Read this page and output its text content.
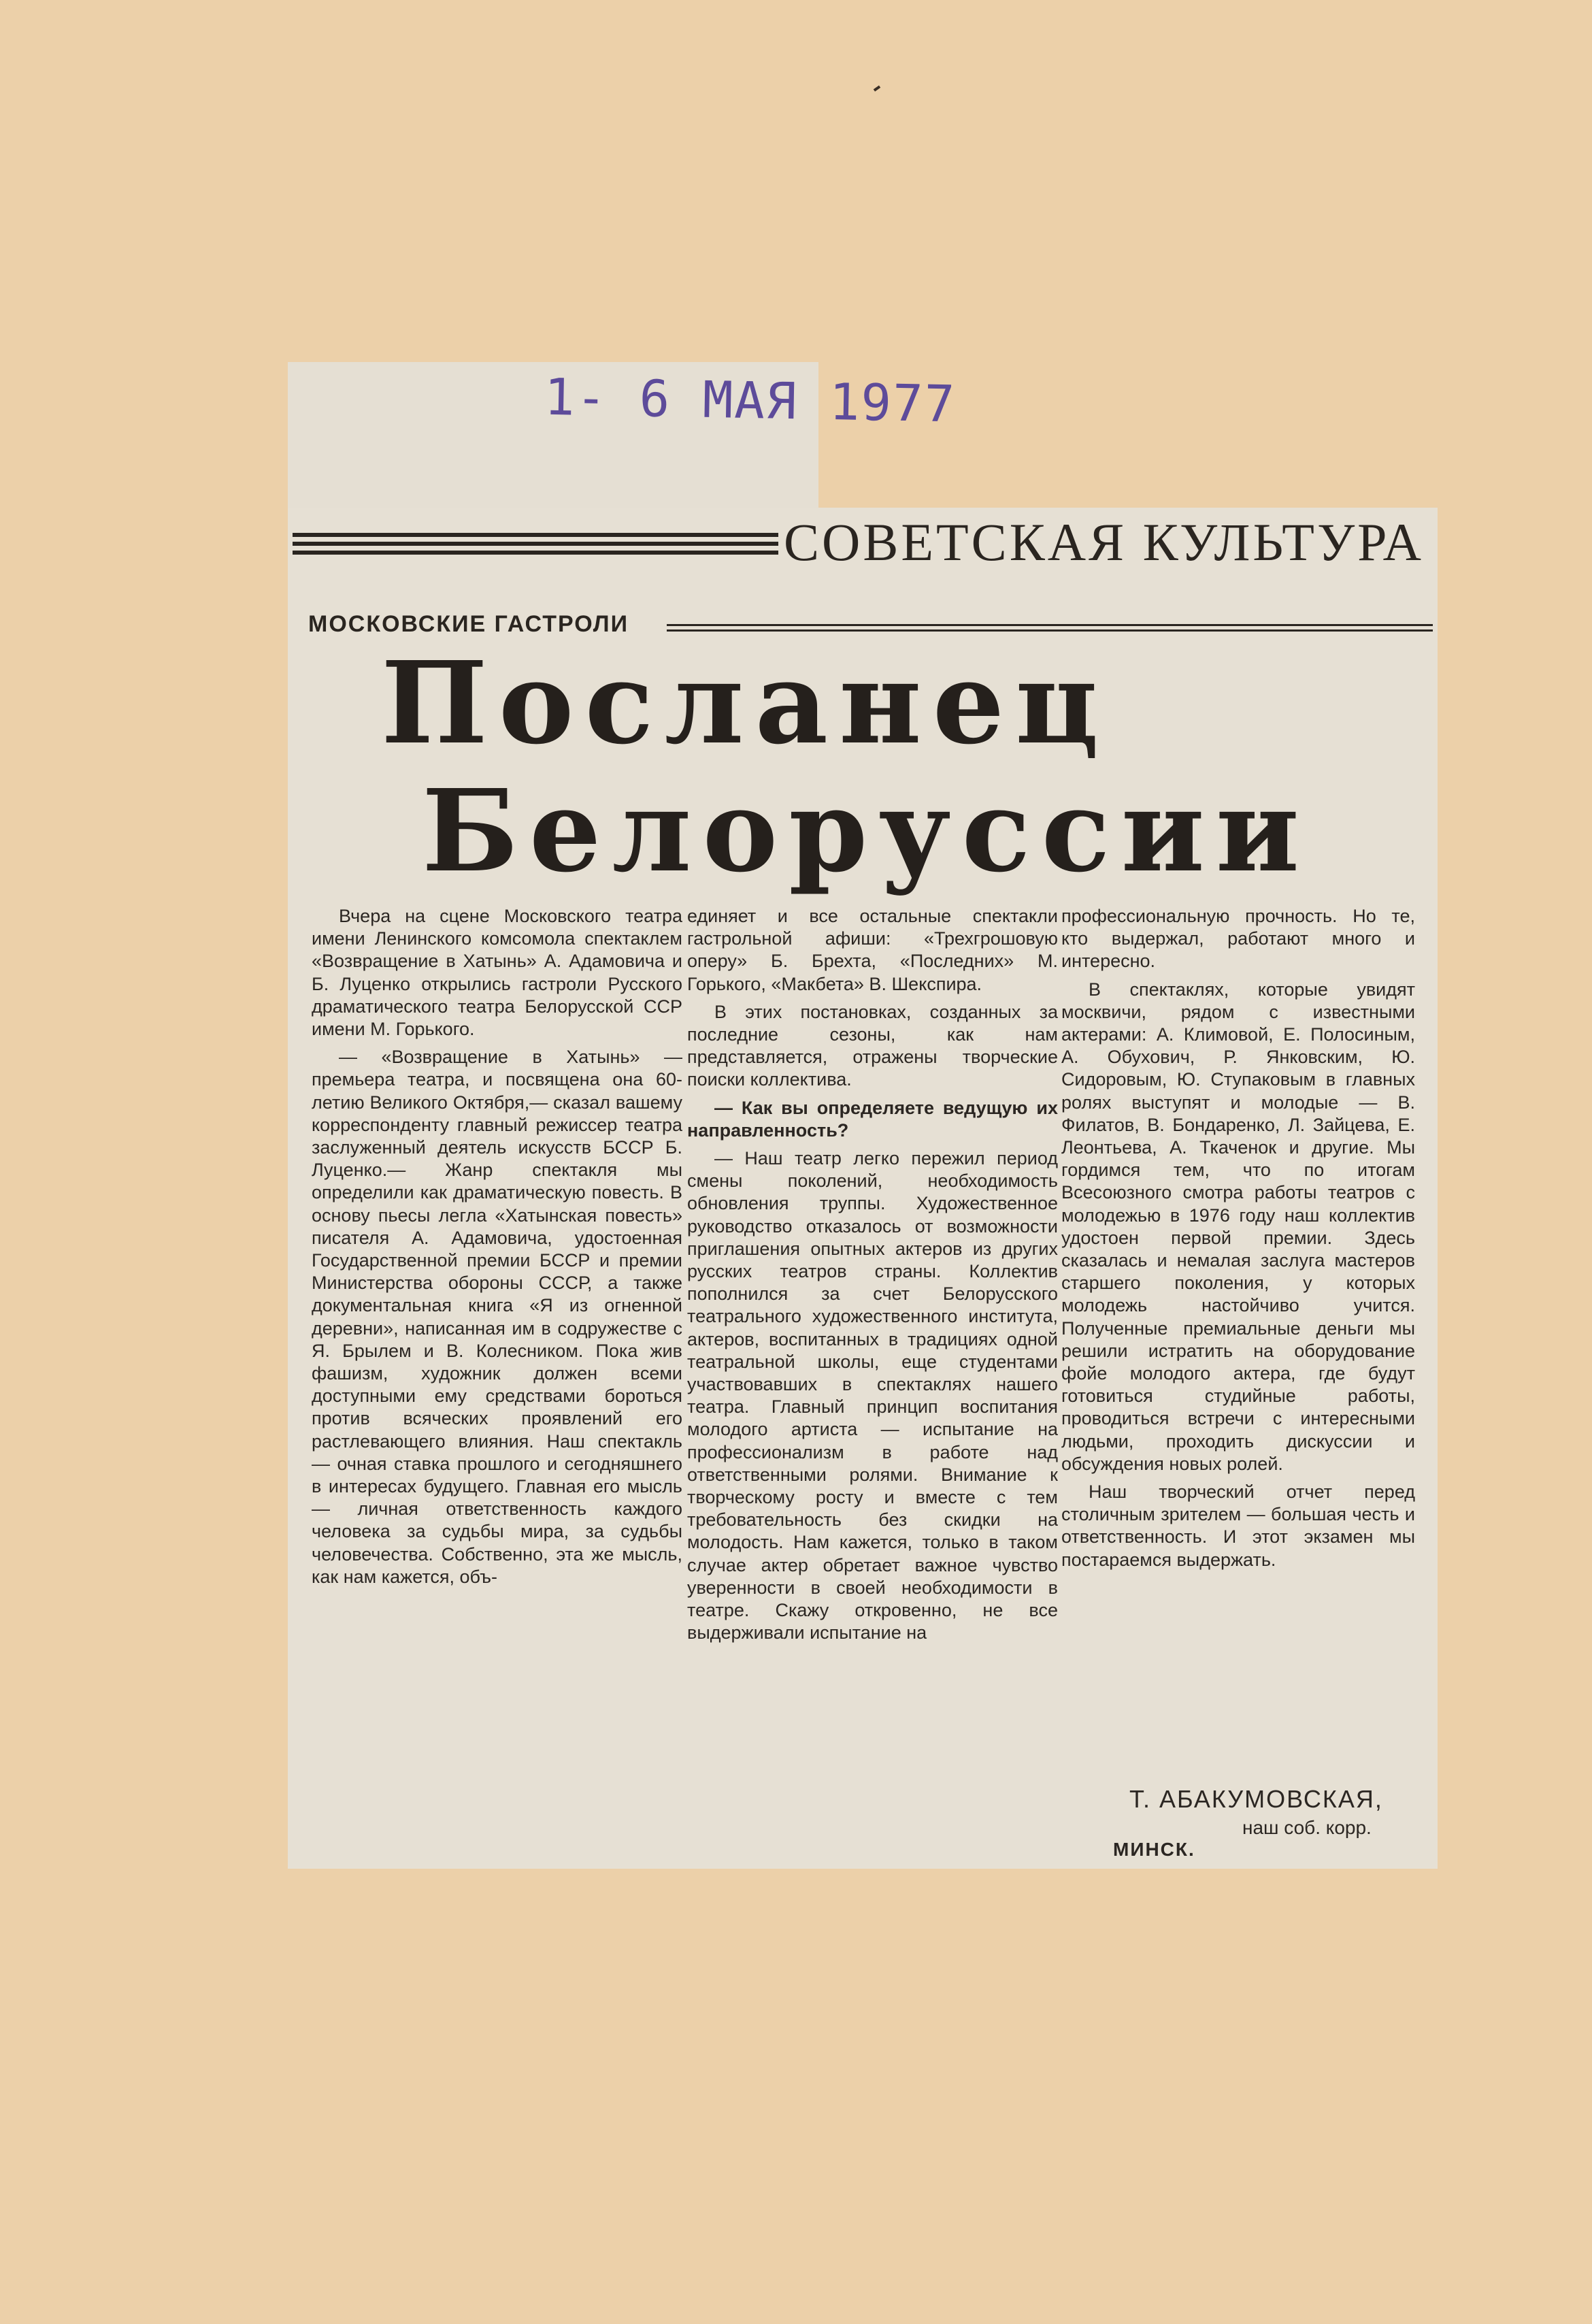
1- 6 МАЯ 1977
СОВЕТСКАЯ КУЛЬТУРА
МОСКОВСКИЕ ГАСТРОЛИ
Посланец
Белоруссии

Вчера на сцене Московского театра имени Ленинского комсомола спектаклем «Возвращение в Хатынь» А. Адамовича и Б. Луценко открылись гастроли Русского драматического театра Белорусской ССР имени М. Горького.

— «Возвращение в Хатынь» — премьера театра, и посвящена она 60-летию Великого Октября,— сказал вашему корреспонденту главный режиссер театра заслуженный деятель искусств БССР Б. Луценко.— Жанр спектакля мы определили как драматическую повесть. В основу пьесы легла «Хатынская повесть» писателя А. Адамовича, удостоенная Государственной премии БССР и премии Министерства обороны СССР, а также документальная книга «Я из огненной деревни», написанная им в содружестве с Я. Брылем и В. Колесником. Пока жив фашизм, художник должен всеми доступными ему средствами бороться против всяческих проявлений его растлевающего влияния. Наш спектакль — очная ставка прошлого и сегодняшнего в интересах будущего. Главная его мысль — личная ответственность каждого человека за судьбы мира, за судьбы человечества. Собственно, эта же мысль, как нам кажется, объ-

единяет и все остальные спектакли гастрольной афиши: «Трехгрошовую оперу» Б. Брехта, «Последних» М. Горького, «Макбета» В. Шекспира.

В этих постановках, созданных за последние сезоны, как нам представляется, отражены творческие поиски коллектива.

— Как вы определяете ведущую их направленность?

— Наш театр легко пережил период смены поколений, необходимость обновления труппы. Художественное руководство отказалось от возможности приглашения опытных актеров из других русских театров страны. Коллектив пополнился за счет Белорусского театрального художественного института, актеров, воспитанных в традициях одной театральной школы, еще студентами участвовавших в спектаклях нашего театра. Главный принцип воспитания молодого артиста — испытание на профессионализм в работе над ответственными ролями. Внимание к творческому росту и вместе с тем требовательность без скидки на молодость. Нам кажется, только в таком случае актер обретает важное чувство уверенности в своей необходимости в театре. Скажу откровенно, не все выдерживали испытание на

профессиональную прочность. Но те, кто выдержал, работают много и интересно.

В спектаклях, которые увидят москвичи, рядом с известными актерами: А. Климовой, Е. Полосиным, А. Обухович, Р. Янковским, Ю. Сидоровым, Ю. Ступаковым в главных ролях выступят и молодые — В. Филатов, В. Бондаренко, Л. Зайцева, Е. Леонтьева, А. Ткаченок и другие. Мы гордимся тем, что по итогам Всесоюзного смотра работы театров с молодежью в 1976 году наш коллектив удостоен первой премии. Здесь сказалась и немалая заслуга мастеров старшего поколения, у которых молодежь настойчиво учится. Полученные премиальные деньги мы решили истратить на оборудование фойе молодого актера, где будут готовиться студийные работы, проводиться встречи с интересными людьми, проходить дискуссии и обсуждения новых ролей.

Наш творческий отчет перед столичным зрителем — большая честь и ответственность. И этот экзамен мы постараемся выдержать.

Т. АБАКУМОВСКАЯ,
наш соб. корр.
МИНСК.
